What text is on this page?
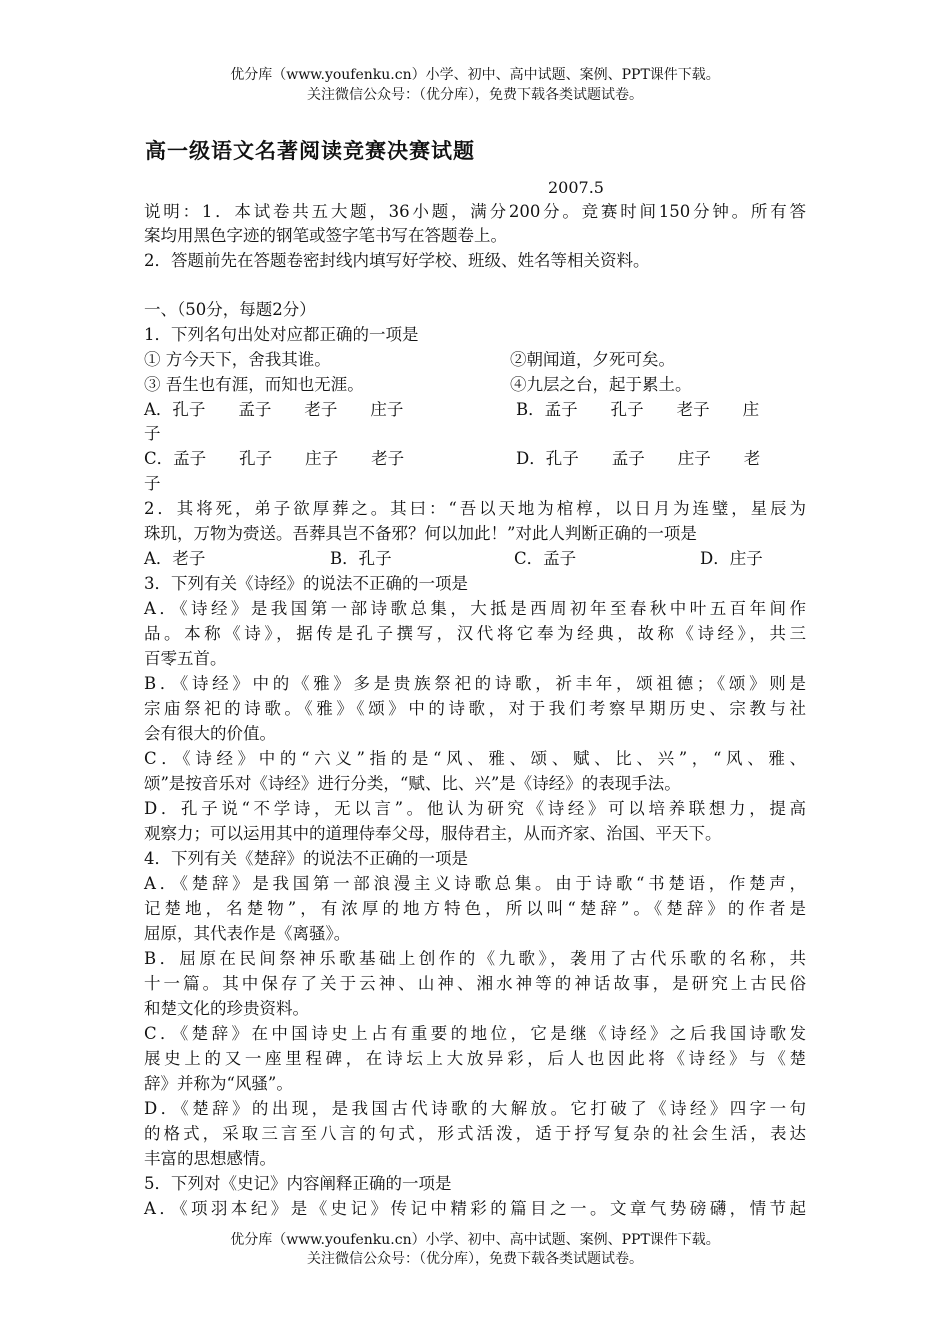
优分库（www.youfenku.cn）小学、初中、高中试题、案例、PPT课件下载。
关注微信公众号：（优分库），免费下载各类试题试卷。
高一级语文名著阅读竞赛决赛试题
2007.5
说明：1．本试卷共五大题，36小题，满分200分。竞赛时间150分钟。所有答
案均用黑色字迹的钢笔或签字笔书写在答题卷上。
2．答题前先在答题卷密封线内填写好学校、班级、姓名等相关资料。
一、（50分，每题2分）
1．下列名句出处对应都正确的一项是
① 方今天下，舍我其谁。	②朝闻道，夕死可矣。
③ 吾生也有涯，而知也无涯。	④九层之台，起于累土。
A．孔子　　孟子　　老子　　庄子	B．孟子　　孔子　　老子　　庄
子
C．孟子　　孔子　　庄子　　老子	D．孔子　　孟子　　庄子　　老
子
2．其将死，弟子欲厚葬之。其曰：“吾以天地为棺椁，以日月为连璧，星辰为
珠玑，万物为赍送。吾葬具岂不备邪？何以加此！”对此人判断正确的一项是
A．老子	B．孔子	C．孟子	D．庄子
3．下列有关《诗经》的说法不正确的一项是
A．《诗经》是我国第一部诗歌总集，大抵是西周初年至春秋中叶五百年间作
品。本称《诗》，据传是孔子撰写，汉代将它奉为经典，故称《诗经》，共三
百零五首。
B．《诗经》中的《雅》多是贵族祭祀的诗歌，祈丰年，颂祖德；《颂》则是
宗庙祭祀的诗歌。《雅》《颂》中的诗歌，对于我们考察早期历史、宗教与社
会有很大的价值。
C．《诗经》中的“六义”指的是“风、雅、颂、赋、比、兴”，“风、雅、
颂”是按音乐对《诗经》进行分类，“赋、比、兴”是《诗经》的表现手法。
D．孔子说“不学诗，无以言”。他认为研究《诗经》可以培养联想力，提高
观察力；可以运用其中的道理侍奉父母，服侍君主，从而齐家、治国、平天下。
4．下列有关《楚辞》的说法不正确的一项是
A．《楚辞》是我国第一部浪漫主义诗歌总集。由于诗歌“书楚语，作楚声，
记楚地，名楚物”，有浓厚的地方特色，所以叫“楚辞”。《楚辞》的作者是
屈原，其代表作是《离骚》。
B．屈原在民间祭神乐歌基础上创作的《九歌》，袭用了古代乐歌的名称，共
十一篇。其中保存了关于云神、山神、湘水神等的神话故事，是研究上古民俗
和楚文化的珍贵资料。
C．《楚辞》在中国诗史上占有重要的地位，它是继《诗经》之后我国诗歌发
展史上的又一座里程碑，在诗坛上大放异彩，后人也因此将《诗经》与《楚
辞》并称为“风骚”。
D．《楚辞》的出现，是我国古代诗歌的大解放。它打破了《诗经》四字一句
的格式，采取三言至八言的句式，形式活泼，适于抒写复杂的社会生活，表达
丰富的思想感情。
5．下列对《史记》内容阐释正确的一项是
A．《项羽本纪》是《史记》传记中精彩的篇目之一。文章气势磅礴，情节起
优分库（www.youfenku.cn）小学、初中、高中试题、案例、PPT课件下载。
关注微信公众号：（优分库），免费下载各类试题试卷。
